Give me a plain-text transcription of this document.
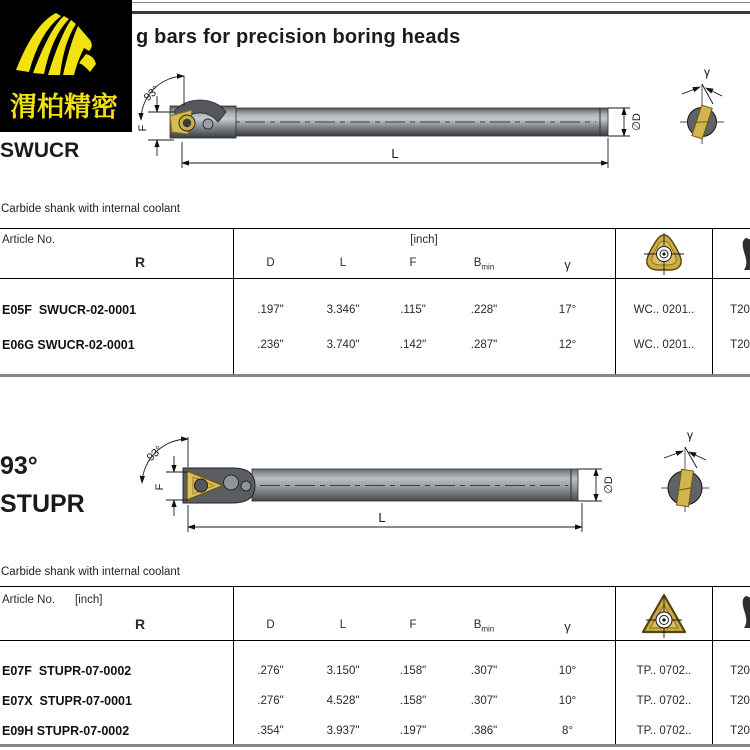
g bars for precision boring heads
渭柏精密	93°
F
L
∅D
γ
SWUCR
Carbide shank with internal coolant
Article No.	[inch]
R	D	L	F	$B_{min}$	γ
E05F  SWUCR-02-0001	.197"	3.346"	.115"	.228"	17°	WC.. 0201..	T20
E06G SWUCR-02-0001	.236"	3.740"	.142"	.287"	12°	WC.. 0201..	T20
93°
F
L
∅D
γ
93°
STUPR
Carbide shank with internal coolant
Article No. [inch]
R	D	L	F	$B_{min}$	γ
E07F  STUPR-07-0002	.276"	3.150"	.158"	.307"	10°	TP.. 0702..	T20
E07X  STUPR-07-0001	.276"	4.528"	.158"	.307"	10°	TP.. 0702..	T20
E09H STUPR-07-0002	.354"	3.937"	.197"	.386"	8°	TP.. 0702..	T20
